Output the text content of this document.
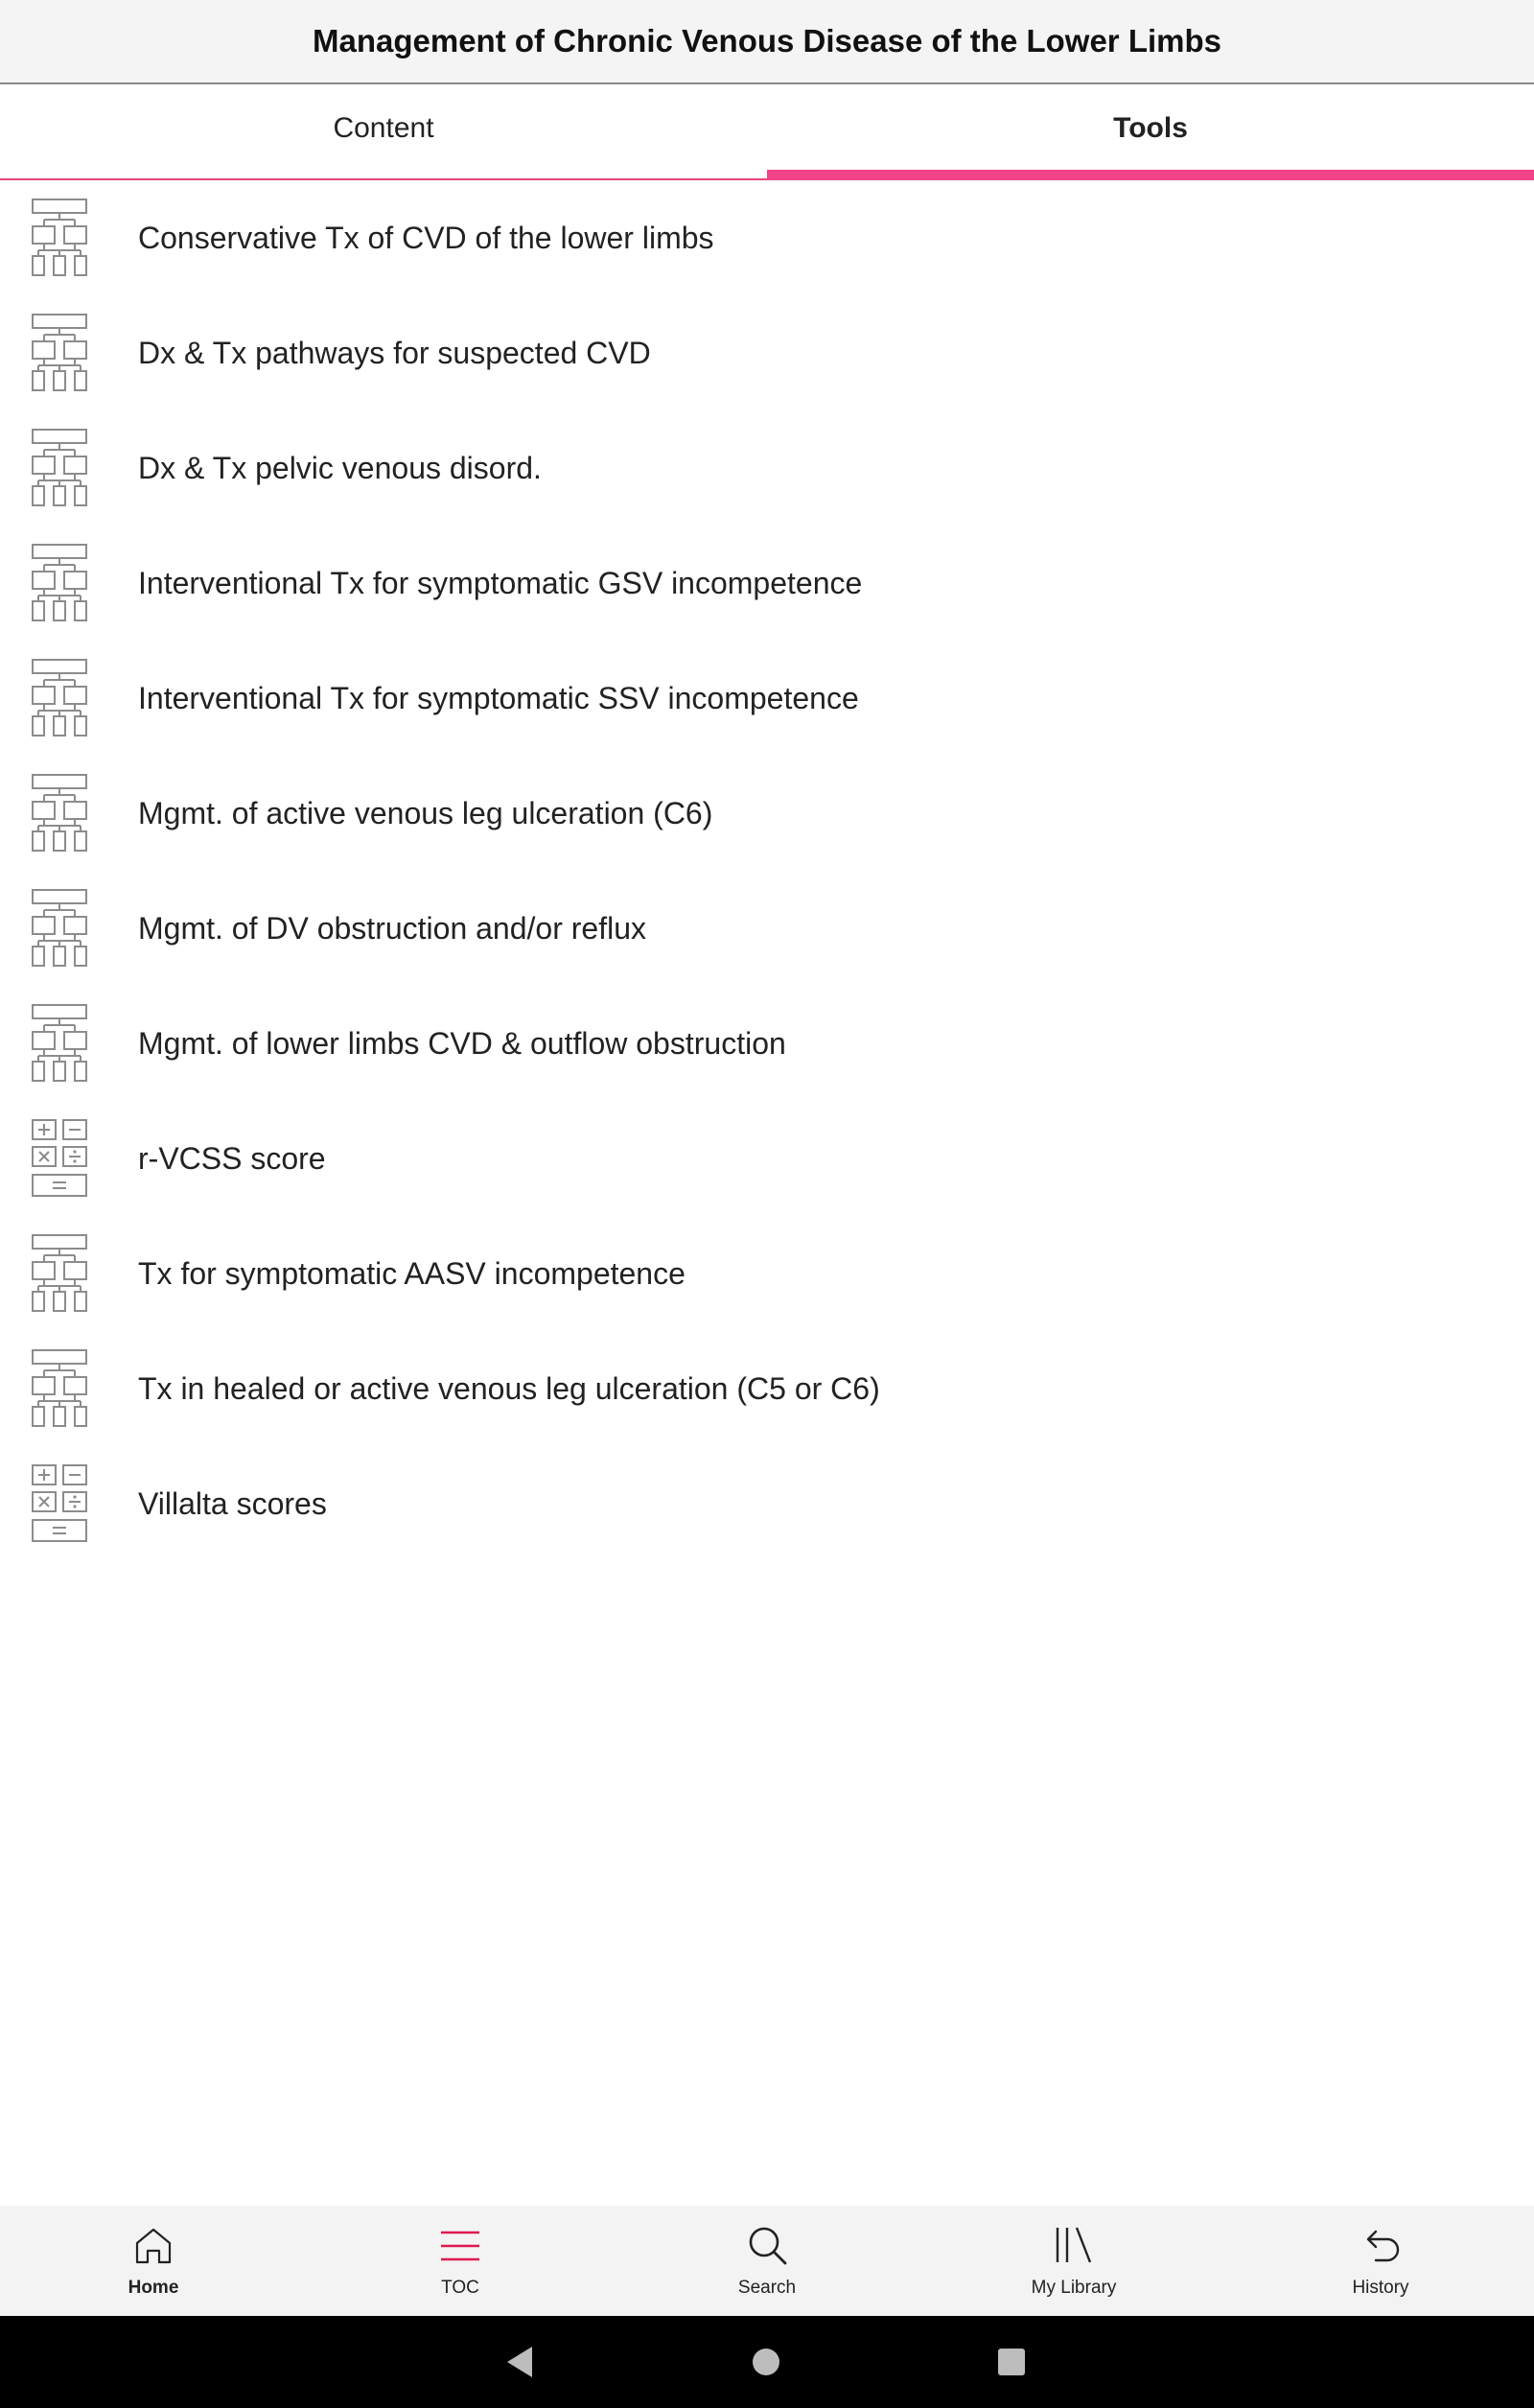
Management of Chronic Venous Disease of the Lower Limbs
Content	Tools
Conservative Tx of CVD of the lower limbs
Dx & Tx pathways for suspected CVD
Dx & Tx pelvic venous disord.
Interventional Tx for symptomatic GSV incompetence
Interventional Tx for symptomatic SSV incompetence
Mgmt. of active venous leg ulceration (C6)
Mgmt. of DV obstruction and/or reflux
Mgmt. of lower limbs CVD & outflow obstruction
r-VCSS score
Tx for symptomatic AASV incompetence
Tx in healed or active venous leg ulceration (C5 or C6)
Villalta scores
Home	TOC	Search	My Library	History
